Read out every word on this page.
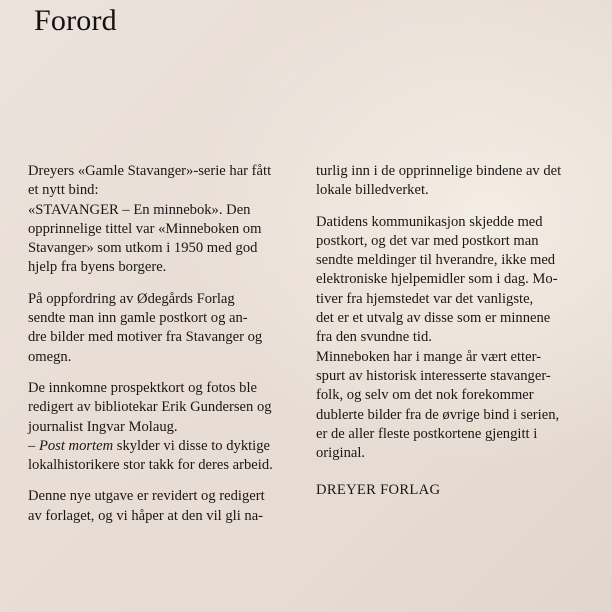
Forord

Dreyers «Gamle Stavanger»-serie har fått
et nytt bind:
«STAVANGER – En minnebok». Den
opprinnelige tittel var «Minneboken om
Stavanger» som utkom i 1950 med god
hjelp fra byens borgere.

På oppfordring av Ødegårds Forlag
sendte man inn gamle postkort og an-
dre bilder med motiver fra Stavanger og
omegn.

De innkomne prospektkort og fotos ble
redigert av bibliotekar Erik Gundersen og
journalist Ingvar Molaug.
– Post mortem skylder vi disse to dyktige
lokalhistorikere stor takk for deres arbeid.

Denne nye utgave er revidert og redigert
av forlaget, og vi håper at den vil gli na-

turlig inn i de opprinnelige bindene av det
lokale billedverket.

Datidens kommunikasjon skjedde med
postkort, og det var med postkort man
sendte meldinger til hverandre, ikke med
elektroniske hjelpemidler som i dag. Mo-
tiver fra hjemstedet var det vanligste,
det er et utvalg av disse som er minnene
fra den svundne tid.

Minneboken har i mange år vært etter-
spurt av historisk interesserte stavanger-
folk, og selv om det nok forekommer
dublerte bilder fra de øvrige bind i serien,
er de aller fleste postkortene gjengitt i
original.

DREYER FORLAG
